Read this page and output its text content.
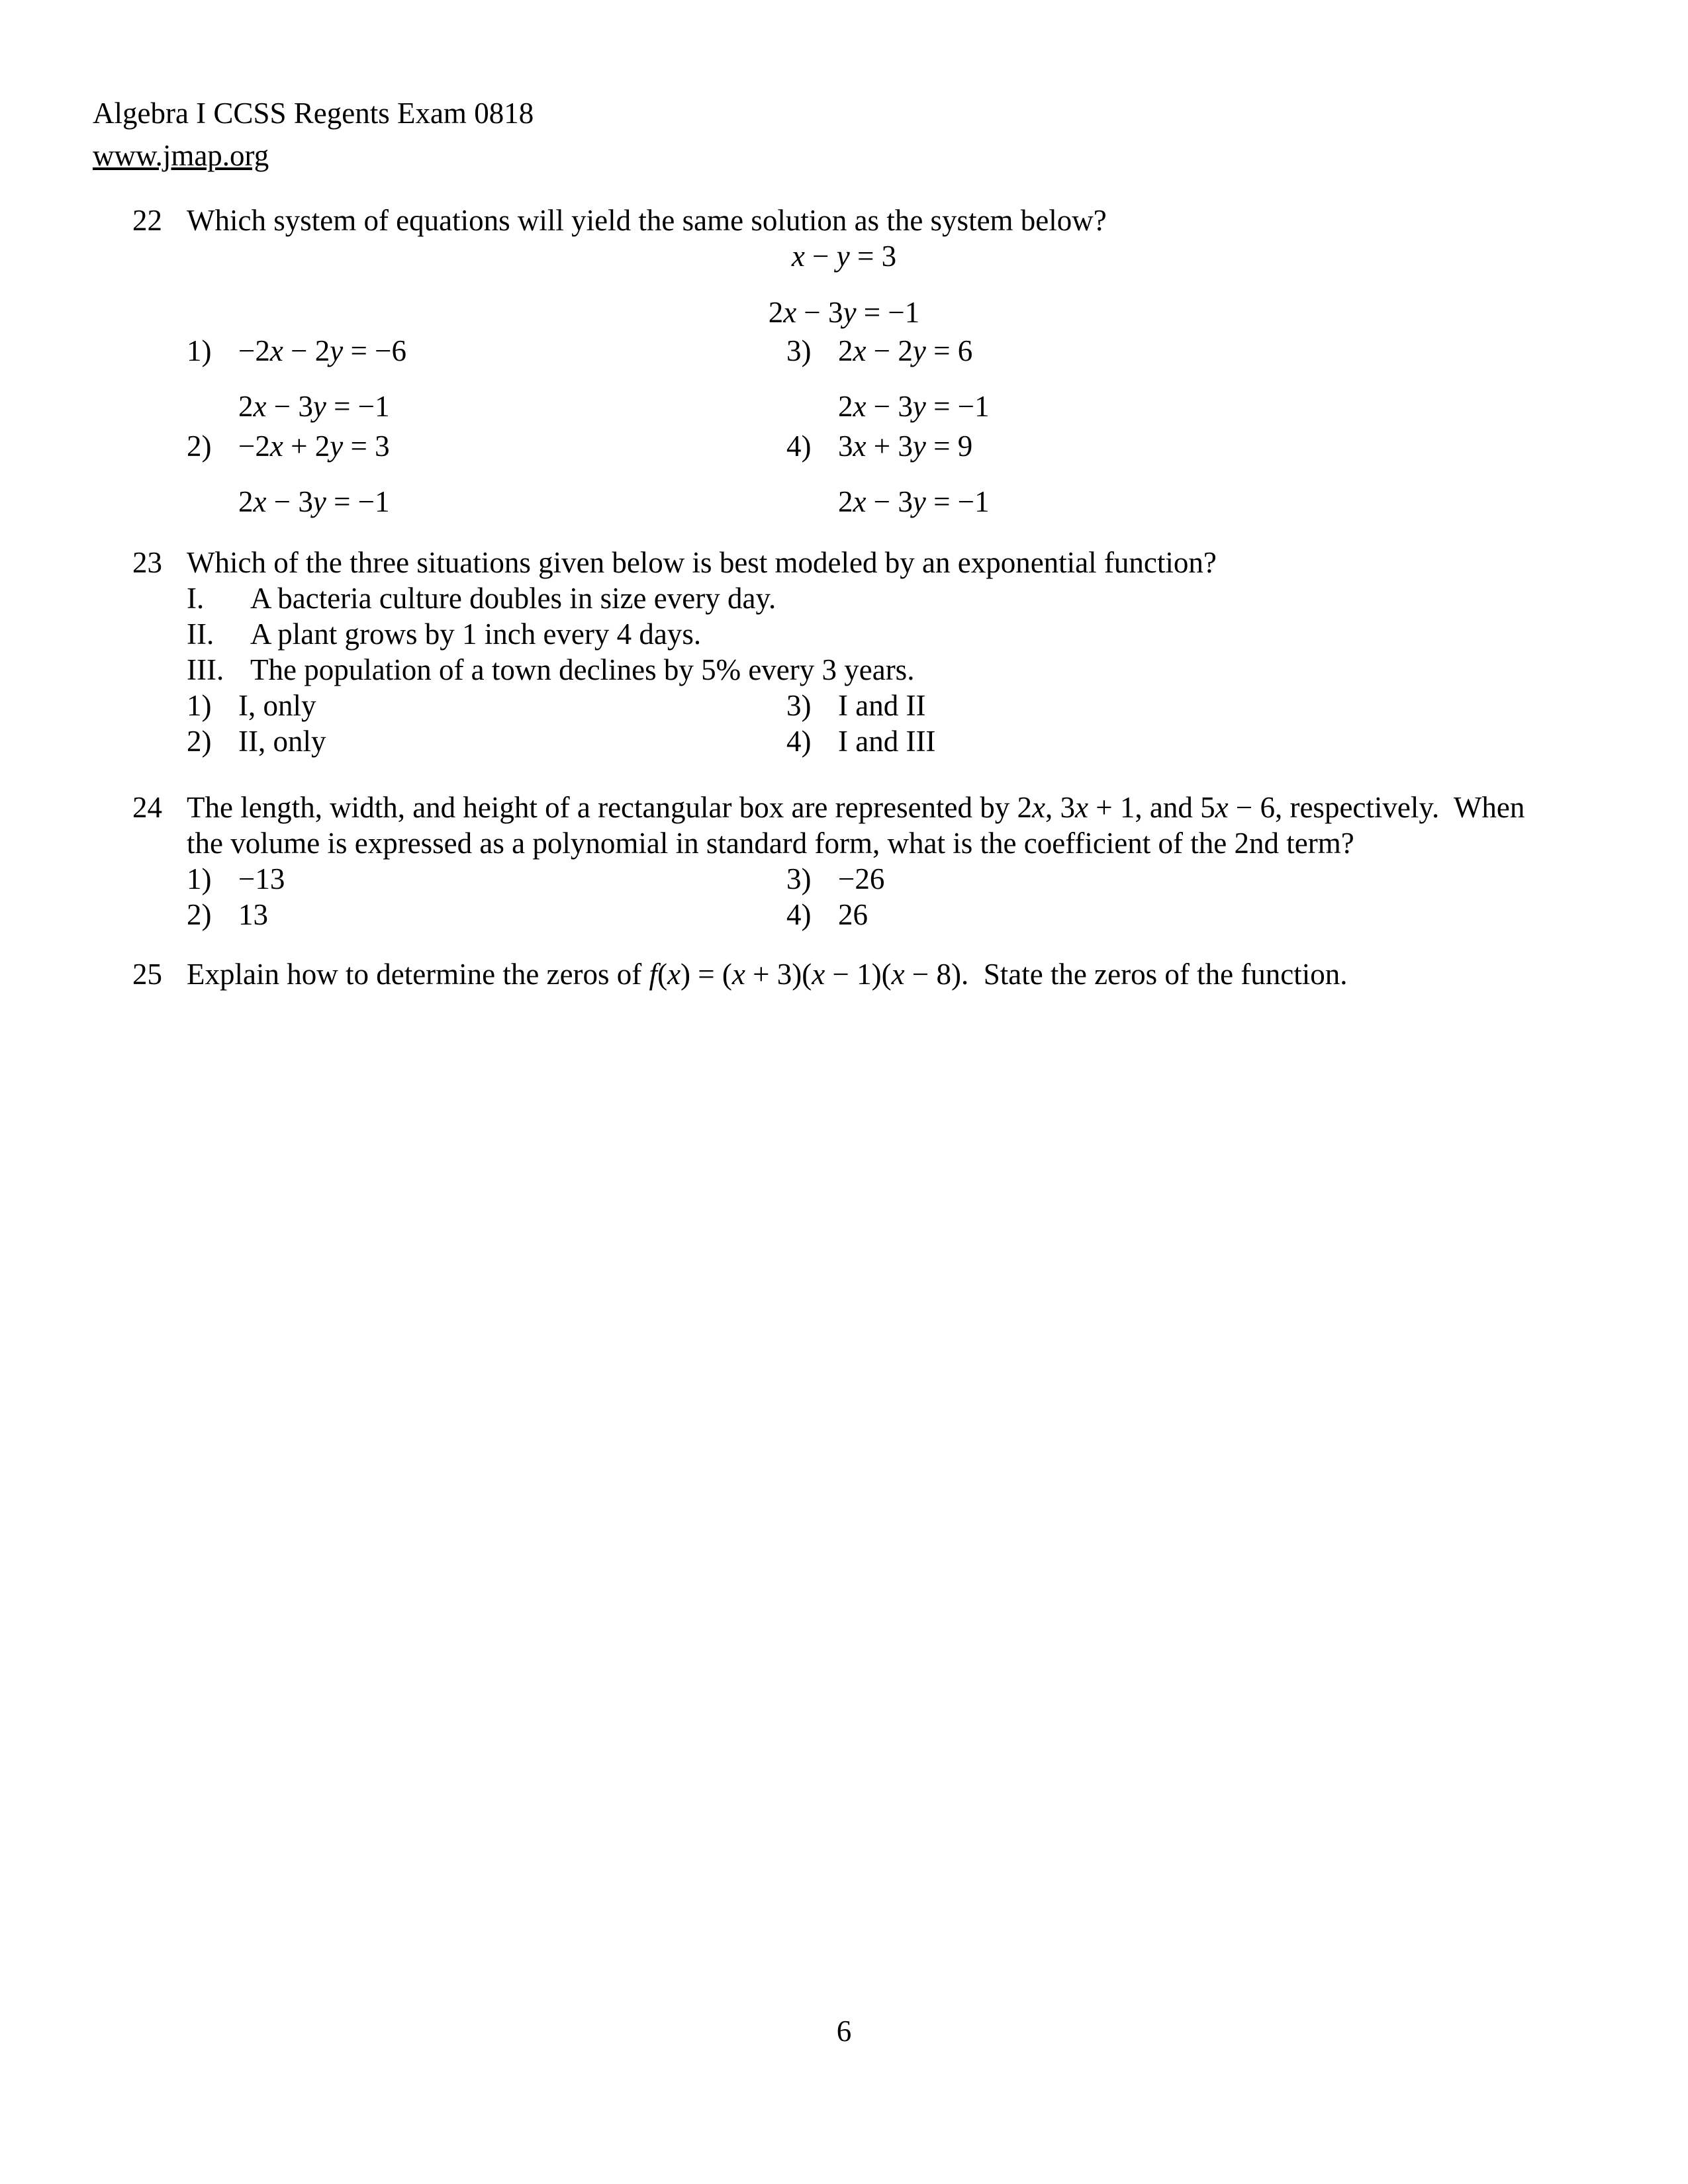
Algebra I CCSS Regents Exam 0818
www.jmap.org
22 Which system of equations will yield the same solution as the system below?
x − y = 3
2x − 3y = −1
1) −2x − 2y = −6
2x − 3y = −1
2) −2x + 2y = 3
2x − 3y = −1
3) 2x − 2y = 6
2x − 3y = −1
4) 3x + 3y = 9
2x − 3y = −1
23 Which of the three situations given below is best modeled by an exponential function?
I.	A bacteria culture doubles in size every day.
II.	A plant grows by 1 inch every 4 days.
III. The population of a town declines by 5% every 3 years.
1) I, only	3) I and II
2) II, only	4) I and III
24 The length, width, and height of a rectangular box are represented by 2x, 3x + 1, and 5x − 6, respectively.  When
the volume is expressed as a polynomial in standard form, what is the coefficient of the 2nd term?
1) −13	3) −26
2) 13	4) 26
25 Explain how to determine the zeros of f(x) = (x + 3)(x − 1)(x − 8).  State the zeros of the function.
6
